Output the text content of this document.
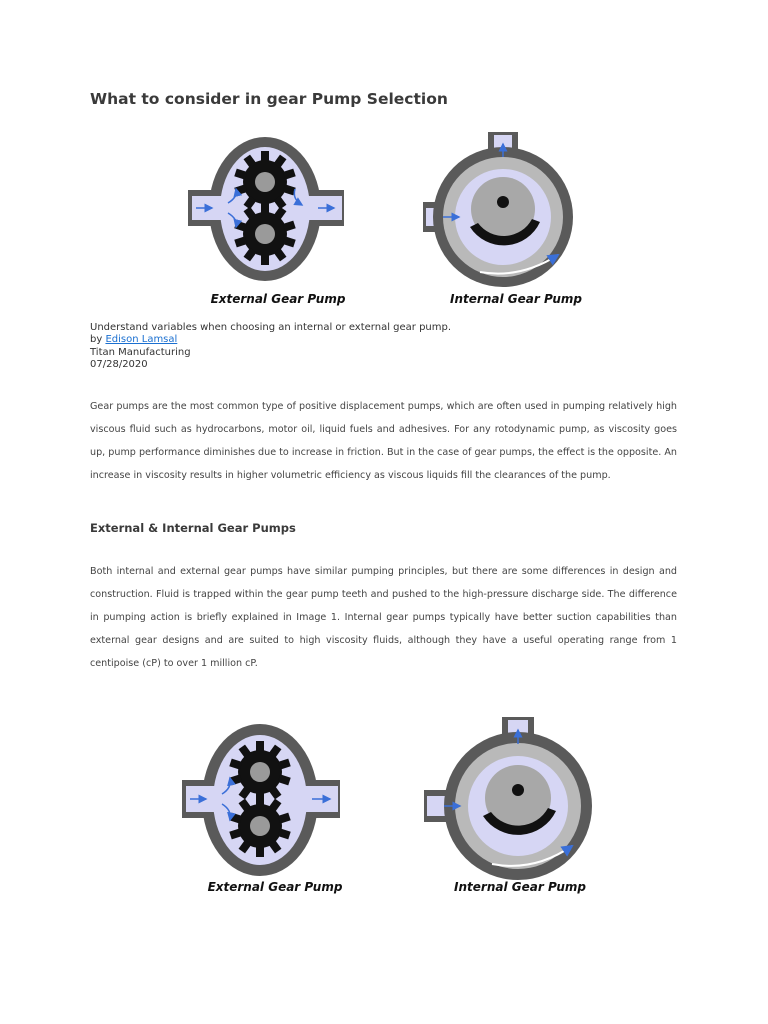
What to consider in gear Pump Selection
External Gear Pump	Internal Gear Pump
Understand variables when choosing an internal or external gear pump.
by Edison Lamsal
Titan Manufacturing
07/28/2020

Gear pumps are the most common type of positive displacement pumps, which are often used in pumping relatively high viscous fluid such as hydrocarbons, motor oil, liquid fuels and adhesives. For any rotodynamic pump, as viscosity goes up, pump performance diminishes due to increase in friction. But in the case of gear pumps, the effect is the opposite. An increase in viscosity results in higher volumetric efficiency as viscous liquids fill the clearances of the pump.

External & Internal Gear Pumps

Both internal and external gear pumps have similar pumping principles, but there are some differences in design and construction. Fluid is trapped within the gear pump teeth and pushed to the high-pressure discharge side. The difference in pumping action is briefly explained in Image 1. Internal gear pumps typically have better suction capabilities than external gear designs and are suited to high viscosity fluids, although they have a useful operating range from 1 centipoise (cP) to over 1 million cP.

External Gear Pump	Internal Gear Pump
